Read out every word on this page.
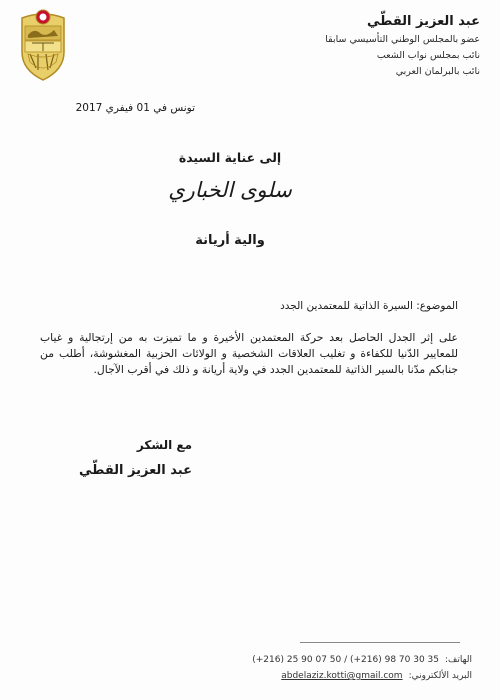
عبد العزيز القطّي
عضو بالمجلس الوطني التأسيسي سابقا
نائب بمجلس نواب الشعب
نائب بالبرلمان العربي
تونس في 01 فيفري 2017
إلى عناية السيدة
سلوى الخباري
والية أريانة
الموضوع: السيرة الذاتية للمعتمدين الجدد
على إثر الجدل الحاصل بعد حركة المعتمدين الأخيرة و ما تميزت به من إرتجالية و غياب للمعايير الدّنيا للكفاءة و تغليب العلاقات الشخصية و الولائات الحزبية المغشوشة، أطلب من جنابكم مدّنا بالسير الذاتية للمعتمدين الجدد في ولاية أريانة و ذلك في أقرب الآجال.
مع الشكر
عبد العزيز القطّي
(+216) 25 90 07 50 / (+216) 98 70 30 35 الهاتف:
abdelaziz.kotti@gmail.com البريد الألكتروني:
